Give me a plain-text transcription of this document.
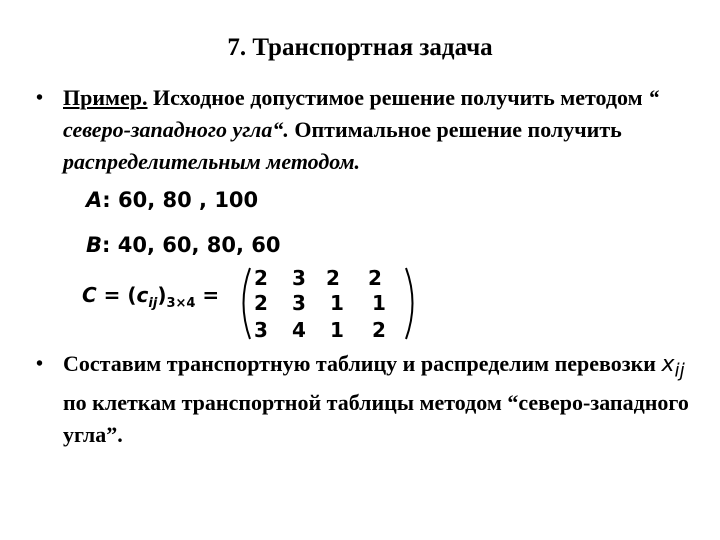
7. Транспортная задача
• Пример. Исходное допустимое решение получить методом “ северо-западного угла“. Оптимальное решение получить распределительным методом.
A: 60, 80 , 100
B: 40, 60, 80, 60
$C = (c_{ij})_{3\times 4}$ =
2 3 2 2
2 3 1 1
3 4 1 2
• Составим транспортную таблицу и распределим перевозки $x_{ij}$ по клеткам транспортной таблицы методом “северо-западного угла”.
